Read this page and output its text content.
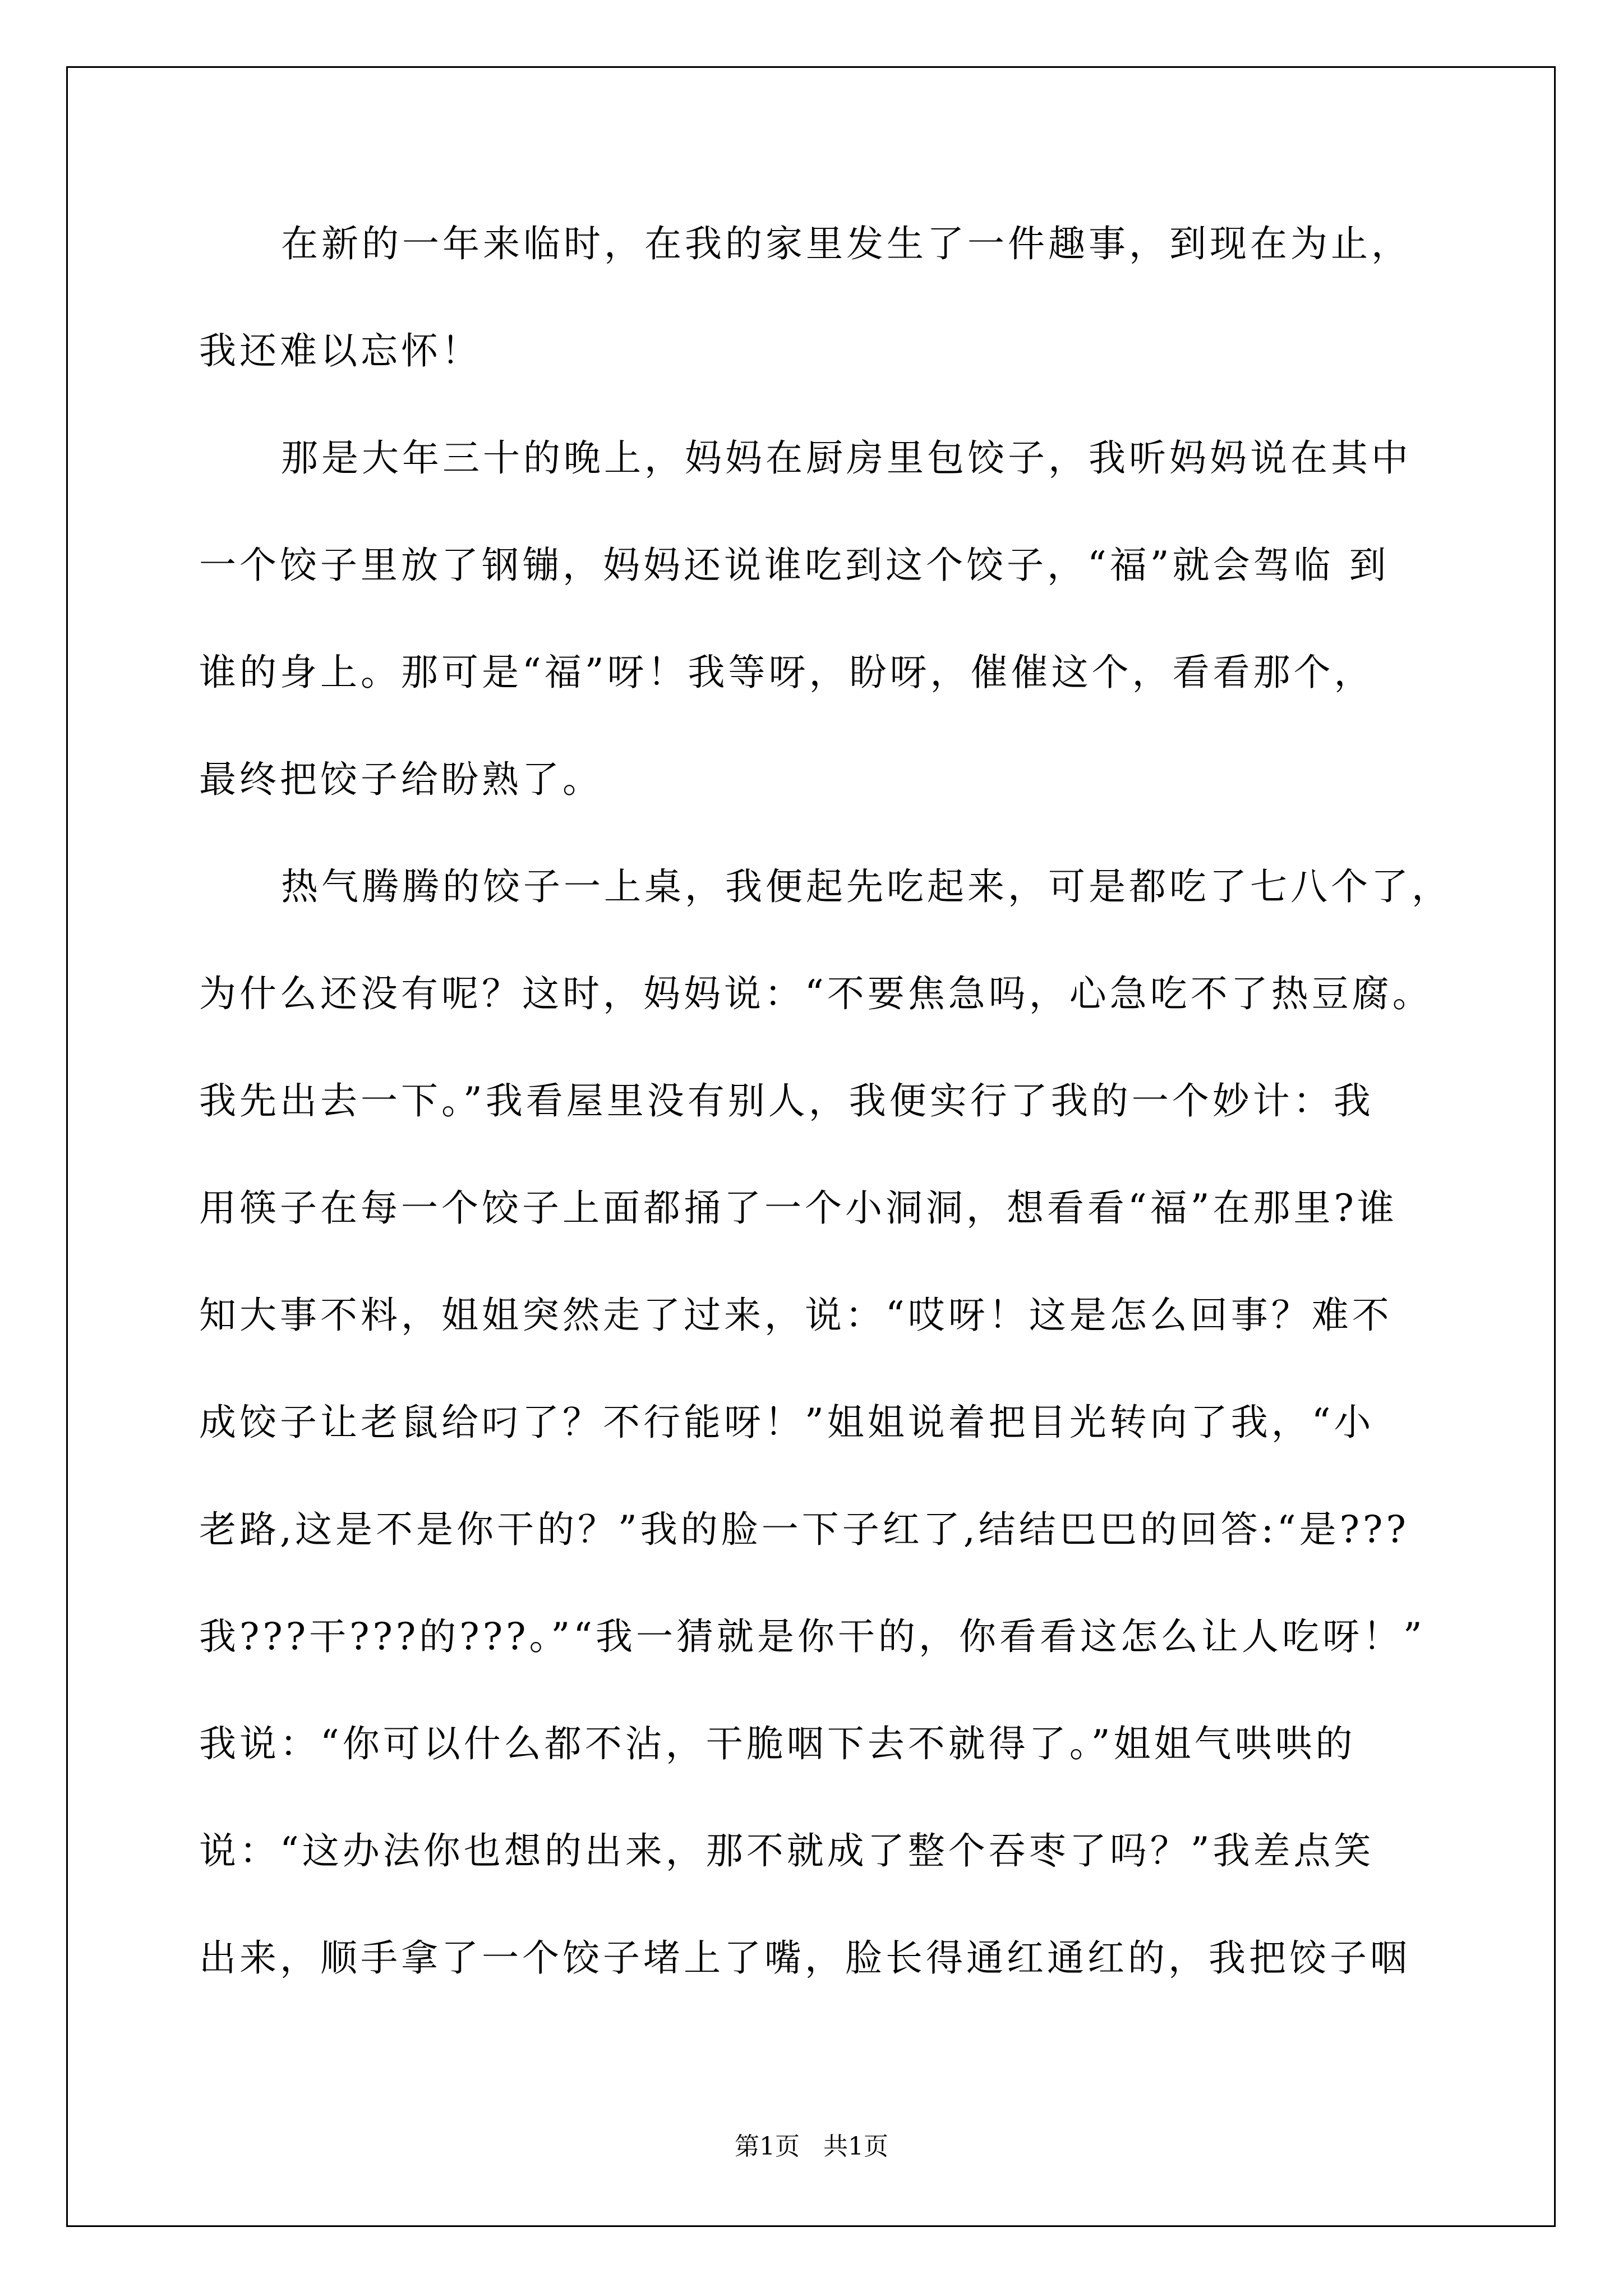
在新的一年来临时，在我的家里发生了一件趣事，到现在为止，
我还难以忘怀！
那是大年三十的晚上，妈妈在厨房里包饺子，我听妈妈说在其中
一个饺子里放了钢镚，妈妈还说谁吃到这个饺子，“福”就会驾临 到
谁的身上。那可是“福”呀！我等呀，盼呀，催催这个，看看那个，
最终把饺子给盼熟了。
热气腾腾的饺子一上桌，我便起先吃起来，可是都吃了七八个了，
为什么还没有呢？这时，妈妈说：“不要焦急吗，心急吃不了热豆腐。
我先出去一下。”我看屋里没有别人，我便实行了我的一个妙计：我
用筷子在每一个饺子上面都捅了一个小洞洞，想看看“福”在那里?谁
知大事不料，姐姐突然走了过来，说：“哎呀！这是怎么回事？难不
成饺子让老鼠给叼了？不行能呀！”姐姐说着把目光转向了我，“小
老路,这是不是你干的？”我的脸一下子红了,结结巴巴的回答:“是???
我???干???的???。”“我一猜就是你干的，你看看这怎么让人吃呀！”
我说：“你可以什么都不沾，干脆咽下去不就得了。”姐姐气哄哄的
说：“这办法你也想的出来，那不就成了整个吞枣了吗？”我差点笑
出来，顺手拿了一个饺子堵上了嘴，脸长得通红通红的，我把饺子咽
第1页   共1页
